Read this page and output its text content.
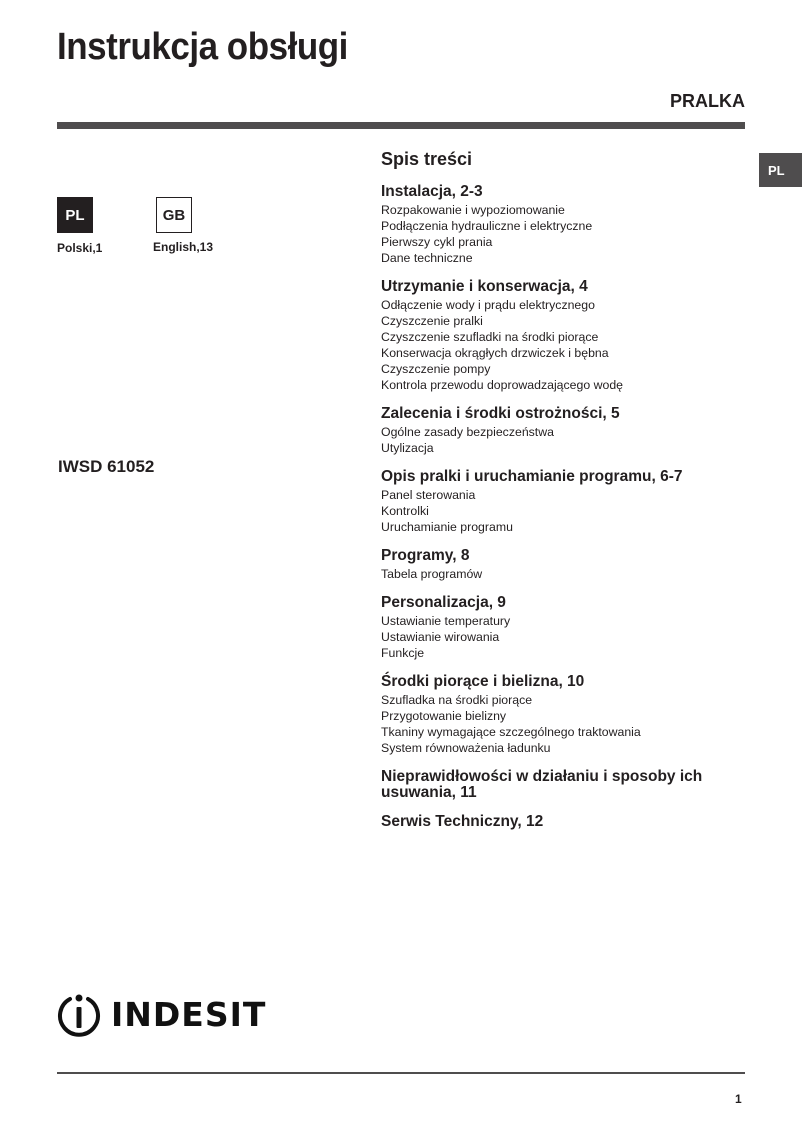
Instrukcja obsługi
PRALKA
PL
Polski,1
GB
English,13
IWSD 61052
PL
Spis treści
Instalacja, 2-3
Rozpakowanie i wypoziomowanie
Podłączenia hydrauliczne i elektryczne
Pierwszy cykl prania
Dane techniczne
Utrzymanie i konserwacja, 4
Odłączenie wody i prądu elektrycznego
Czyszczenie pralki
Czyszczenie szufladki na środki piorące
Konserwacja okrągłych drzwiczek i bębna
Czyszczenie pompy
Kontrola przewodu doprowadzającego wodę
Zalecenia i środki ostrożności, 5
Ogólne zasady bezpieczeństwa
Utylizacja
Opis pralki i uruchamianie programu, 6-7
Panel sterowania
Kontrolki
Uruchamianie programu
Programy, 8
Tabela programów
Personalizacja, 9
Ustawianie temperatury
Ustawianie wirowania
Funkcje
Środki piorące i bielizna, 10
Szufladka na środki piorące
Przygotowanie bielizny
Tkaniny wymagające szczególnego traktowania
System równoważenia ładunku
Nieprawidłowości w działaniu i sposoby ich usuwania, 11
Serwis Techniczny, 12
INDESIT
1
